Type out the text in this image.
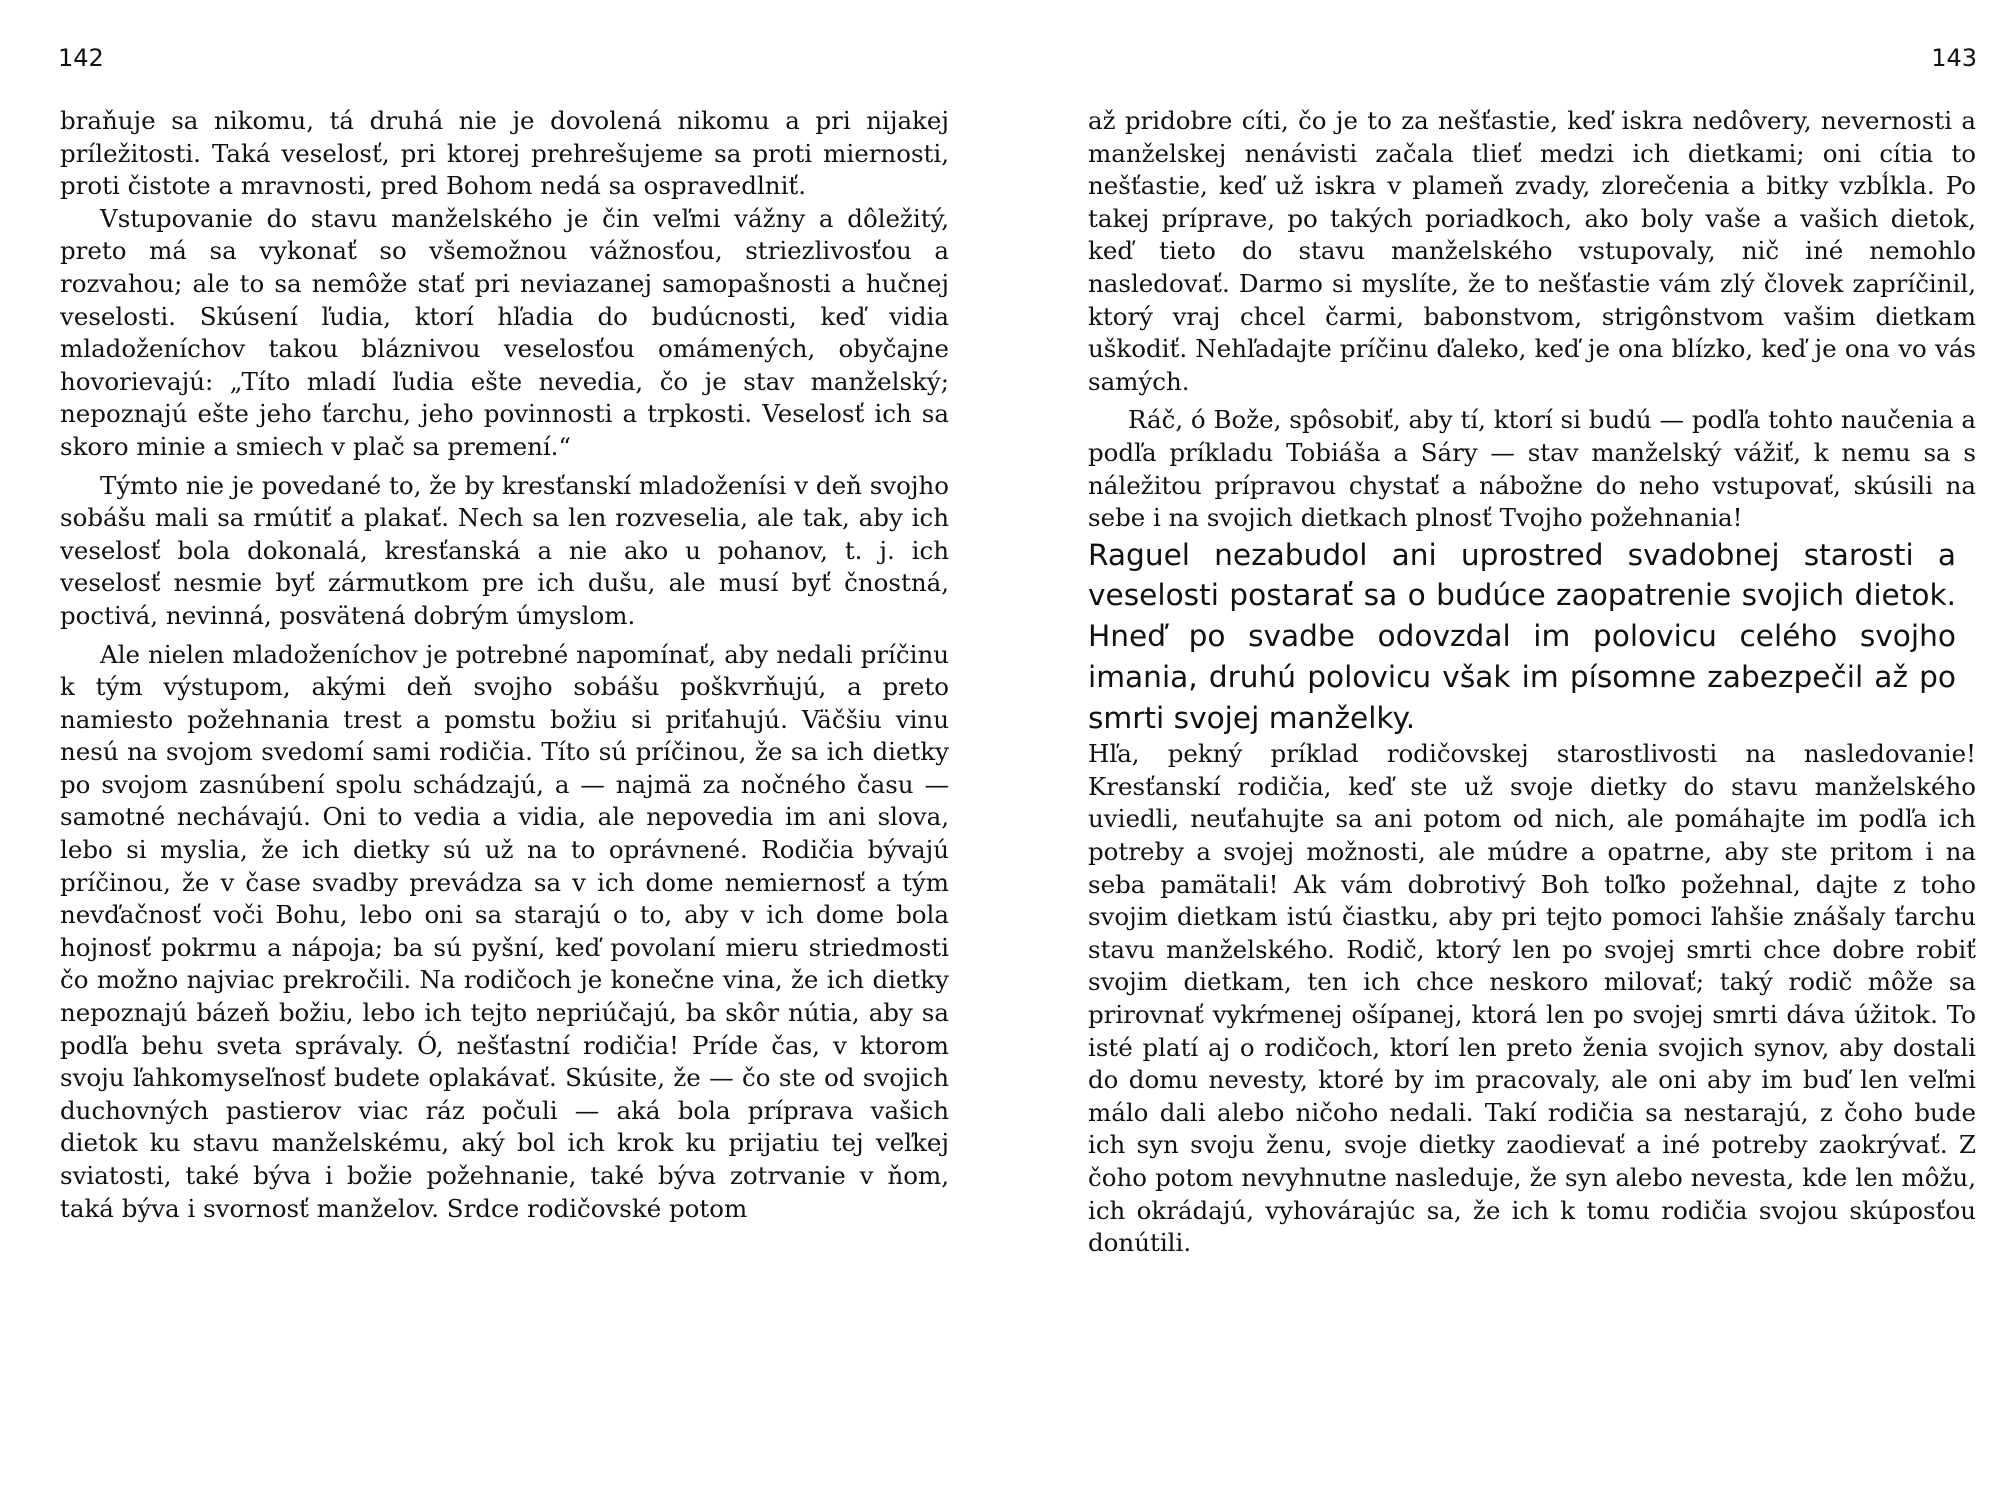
142

braňuje sa nikomu, tá druhá nie je dovolená nikomu a pri nijakej príležitosti. Taká veselosť, pri ktorej prehrešujeme sa proti miernosti, proti čistote a mravnosti, pred Bohom nedá sa ospravedlniť.

Vstupovanie do stavu manželského je čin veľmi vážny a dôležitý, preto má sa vykonať so všemožnou vážnosťou, striezlivosťou a rozvahou; ale to sa nemôže stať pri neviazanej samopašnosti a hučnej veselosti. Skúsení ľudia, ktorí hľadia do budúcnosti, keď vidia mladoženíchov takou bláznivou veselosťou omámených, obyčajne hovorievajú: „Títo mladí ľudia ešte nevedia, čo je stav manželský; nepoznajú ešte jeho ťarchu, jeho povinnosti a trpkosti. Veselosť ich sa skoro minie a smiech v plač sa premení.“

Týmto nie je povedané to, že by kresťanskí mladoženísi v deň svojho sobášu mali sa rmútiť a plakať. Nech sa len rozveselia, ale tak, aby ich veselosť bola dokonalá, kresťanská a nie ako u pohanov, t. j. ich veselosť nesmie byť zármutkom pre ich dušu, ale musí byť čnostná, poctivá, nevinná, posvätená dobrým úmyslom.

Ale nielen mladoženíchov je potrebné napomínať, aby nedali príčinu k tým výstupom, akými deň svojho sobášu poškvrňujú, a preto namiesto požehnania trest a pomstu božiu si priťahujú. Väčšiu vinu nesú na svojom svedomí sami rodičia. Títo sú príčinou, že sa ich dietky po svojom zasnúbení spolu schádzajú, a — najmä za nočného času — samotné nechávajú. Oni to vedia a vidia, ale nepovedia im ani slova, lebo si myslia, že ich dietky sú už na to oprávnené. Rodičia bývajú príčinou, že v čase svadby prevádza sa v ich dome nemiernosť a tým nevďačnosť voči Bohu, lebo oni sa starajú o to, aby v ich dome bola hojnosť pokrmu a nápoja; ba sú pyšní, keď povolaní mieru striedmosti čo možno najviac prekročili. Na rodičoch je konečne vina, že ich dietky nepoznajú bázeň božiu, lebo ich tejto nepriúčajú, ba skôr nútia, aby sa podľa behu sveta správaly. Ó, nešťastní rodičia! Príde čas, v ktorom svoju ľahkomyseľnosť budete oplakávať. Skúsite, že — čo ste od svojich duchovných pastierov viac ráz počuli — aká bola príprava vašich dietok ku stavu manželskému, aký bol ich krok ku prijatiu tej veľkej sviatosti, také býva i božie požehnanie, také býva zotrvanie v ňom, taká býva i svornosť manželov. Srdce rodičovské potom

143

až pridobre cíti, čo je to za nešťastie, keď iskra nedôvery, nevernosti a manželskej nenávisti začala tlieť medzi ich dietkami; oni cítia to nešťastie, keď už iskra v plameň zvady, zlorečenia a bitky vzbĺkla. Po takej príprave, po takých poriadkoch, ako boly vaše a vašich dietok, keď tieto do stavu manželského vstupovaly, nič iné nemohlo nasledovať. Darmo si myslíte, že to nešťastie vám zlý človek zapríčinil, ktorý vraj chcel čarmi, babonstvom, strigônstvom vašim dietkam uškodiť. Nehľadajte príčinu ďaleko, keď je ona blízko, keď je ona vo vás samých.

Ráč, ó Bože, spôsobiť, aby tí, ktorí si budú — podľa tohto naučenia a podľa príkladu Tobiáša a Sáry — stav manželský vážiť, k nemu sa s náležitou prípravou chystať a nábožne do neho vstupovať, skúsili na sebe i na svojich dietkach plnosť Tvojho požehnania!

Raguel nezabudol ani uprostred svadobnej starosti a veselosti postarať sa o budúce zaopatrenie svojich dietok. Hneď po svadbe odovzdal im polovicu celého svojho imania, druhú polovicu však im písomne zabezpečil až po smrti svojej manželky.

Hľa, pekný príklad rodičovskej starostlivosti na nasledovanie! Kresťanskí rodičia, keď ste už svoje dietky do stavu manželského uviedli, neuťahujte sa ani potom od nich, ale pomáhajte im podľa ich potreby a svojej možnosti, ale múdre a opatrne, aby ste pritom i na seba pamätali! Ak vám dobrotivý Boh toľko požehnal, dajte z toho svojim dietkam istú čiastku, aby pri tejto pomoci ľahšie znášaly ťarchu stavu manželského. Rodič, ktorý len po svojej smrti chce dobre robiť svojim dietkam, ten ich chce neskoro milovať; taký rodič môže sa prirovnať vykŕmenej ošípanej, ktorá len po svojej smrti dáva úžitok. To isté platí aj o rodičoch, ktorí len preto ženia svojich synov, aby dostali do domu nevesty, ktoré by im pracovaly, ale oni aby im buď len veľmi málo dali alebo ničoho nedali. Takí rodičia sa nestarajú, z čoho bude ich syn svoju ženu, svoje dietky zaodievať a iné potreby zaokrývať. Z čoho potom nevyhnutne nasleduje, že syn alebo nevesta, kde len môžu, ich okrádajú, vyhovárajúc sa, že ich k tomu rodičia svojou skúposťou donútili.
